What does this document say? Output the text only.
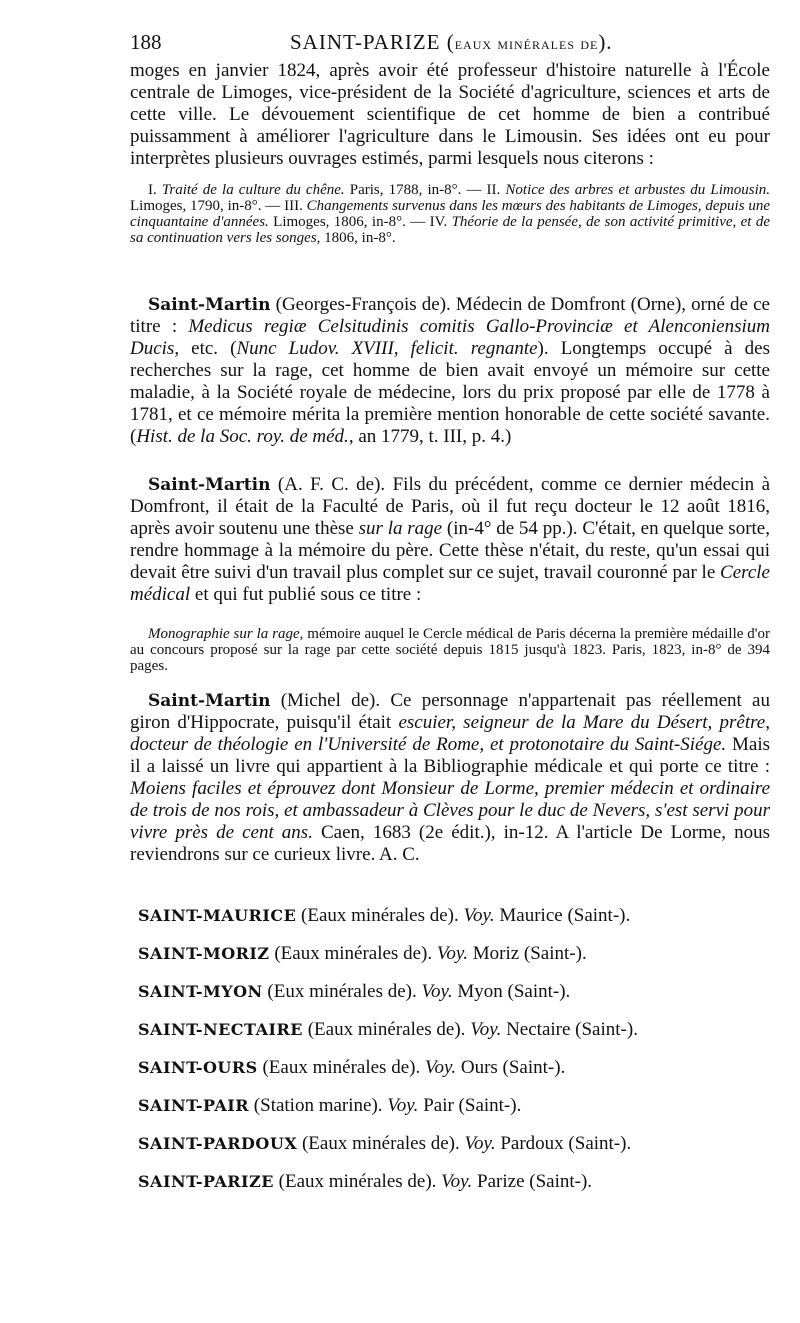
188	SAINT-PARIZE (eaux minérales de).
moges en janvier 1824, après avoir été professeur d'histoire naturelle à l'École centrale de Limoges, vice-président de la Société d'agriculture, sciences et arts de cette ville. Le dévouement scientifique de cet homme de bien a contribué puissamment à améliorer l'agriculture dans le Limousin. Ses idées ont eu pour interprètes plusieurs ouvrages estimés, parmi lesquels nous citerons :
I. Traité de la culture du chêne. Paris, 1788, in-8°. — II. Notice des arbres et arbustes du Limousin. Limoges, 1790, in-8°. — III. Changements survenus dans les mœurs des habitants de Limoges, depuis une cinquantaine d'années. Limoges, 1806, in-8°. — IV. Théorie de la pensée, de son activité primitive, et de sa continuation vers les songes, 1806, in-8°.
Saint-Martin (Georges-François de). Médecin de Domfront (Orne), orné de ce titre : Medicus regiæ Celsitudinis comitis Gallo-Provinciæ et Alenconiensium Ducis, etc. (Nunc Ludov. XVIII, felicit. regnante). Longtemps occupé à des recherches sur la rage, cet homme de bien avait envoyé un mémoire sur cette maladie, à la Société royale de médecine, lors du prix proposé par elle de 1778 à 1781, et ce mémoire mérita la première mention honorable de cette société savante. (Hist. de la Soc. roy. de méd., an 1779, t. III, p. 4.)
Saint-Martin (A. F. C. de). Fils du précédent, comme ce dernier médecin à Domfront, il était de la Faculté de Paris, où il fut reçu docteur le 12 août 1816, après avoir soutenu une thèse sur la rage (in-4° de 54 pp.). C'était, en quelque sorte, rendre hommage à la mémoire du père. Cette thèse n'était, du reste, qu'un essai qui devait être suivi d'un travail plus complet sur ce sujet, travail couronné par le Cercle médical et qui fut publié sous ce titre :
Monographie sur la rage, mémoire auquel le Cercle médical de Paris décerna la première médaille d'or au concours proposé sur la rage par cette société depuis 1815 jusqu'à 1823. Paris, 1823, in-8° de 394 pages.
Saint-Martin (Michel de). Ce personnage n'appartenait pas réellement au giron d'Hippocrate, puisqu'il était escuier, seigneur de la Mare du Désert, prêtre, docteur de théologie en l'Université de Rome, et protonotaire du Saint-Siége. Mais il a laissé un livre qui appartient à la Bibliographie médicale et qui porte ce titre : Moiens faciles et éprouvez dont Monsieur de Lorme, premier médecin et ordinaire de trois de nos rois, et ambassadeur à Clèves pour le duc de Nevers, s'est servi pour vivre près de cent ans. Caen, 1683 (2e édit.), in-12. A l'article De Lorme, nous reviendrons sur ce curieux livre. A. C.
SAINT-MAURICE (Eaux minérales de). Voy. Maurice (Saint-).
SAINT-MORIZ (Eaux minérales de). Voy. Moriz (Saint-).
SAINT-MYON (Eux minérales de). Voy. Myon (Saint-).
SAINT-NECTAIRE (Eaux minérales de). Voy. Nectaire (Saint-).
SAINT-OURS (Eaux minérales de). Voy. Ours (Saint-).
SAINT-PAIR (Station marine). Voy. Pair (Saint-).
SAINT-PARDOUX (Eaux minérales de). Voy. Pardoux (Saint-).
SAINT-PARIZE (Eaux minérales de). Voy. Parize (Saint-).
